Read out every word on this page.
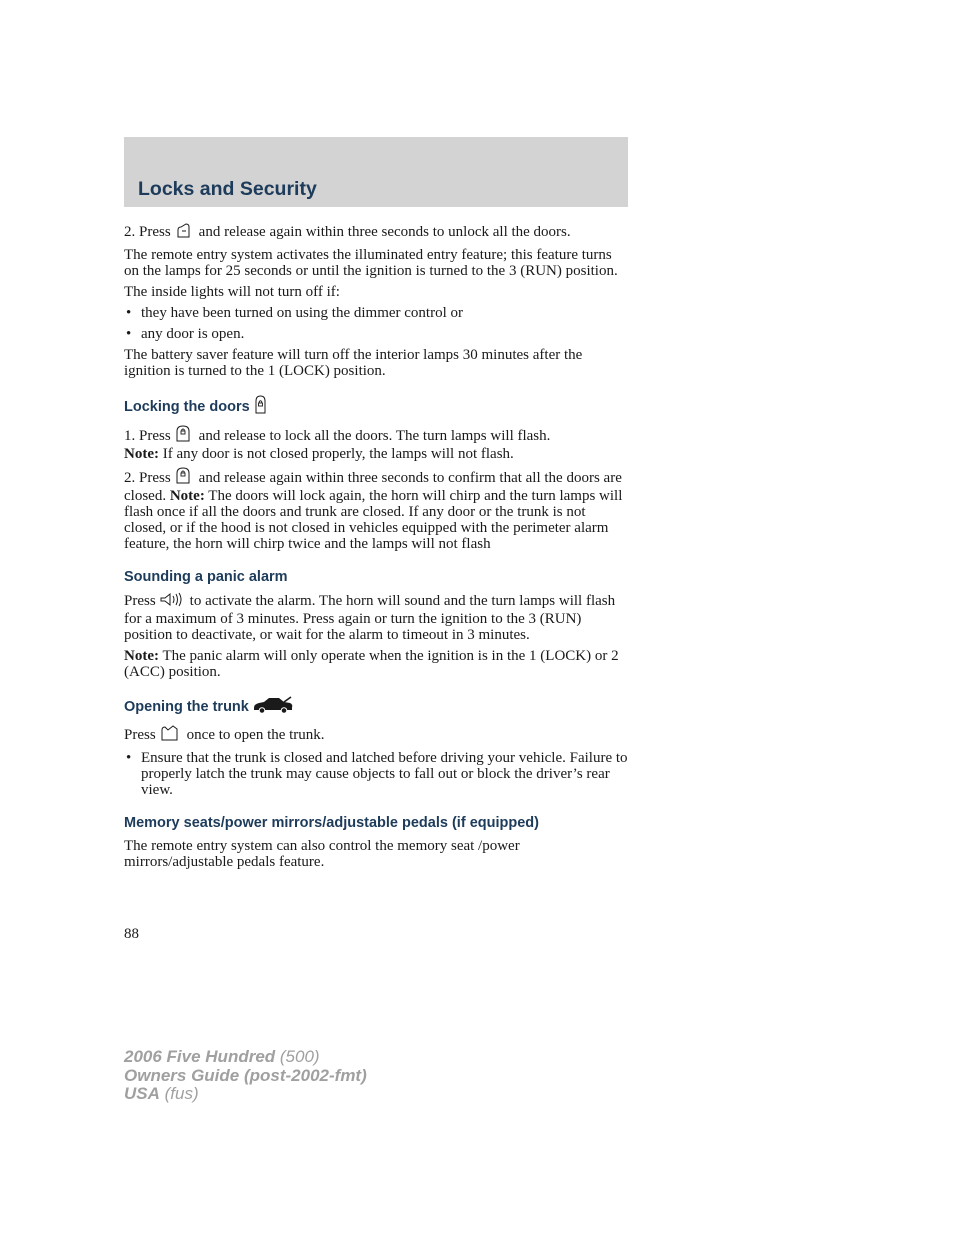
Locks and Security

2. Press and release again within three seconds to unlock all the doors.

The remote entry system activates the illuminated entry feature; this feature turns on the lamps for 25 seconds or until the ignition is turned to the 3 (RUN) position.

The inside lights will not turn off if:

• they have been turned on using the dimmer control or
• any door is open.

The battery saver feature will turn off the interior lamps 30 minutes after the ignition is turned to the 1 (LOCK) position.

Locking the doors

1. Press and release to lock all the doors. The turn lamps will flash.
Note: If any door is not closed properly, the lamps will not flash.

2. Press and release again within three seconds to confirm that all the doors are closed. Note: The doors will lock again, the horn will chirp and the turn lamps will flash once if all the doors and trunk are closed. If any door or the trunk is not closed, or if the hood is not closed in vehicles equipped with the perimeter alarm feature, the horn will chirp twice and the lamps will not flash

Sounding a panic alarm

Press to activate the alarm. The horn will sound and the turn lamps will flash for a maximum of 3 minutes. Press again or turn the ignition to the 3 (RUN) position to deactivate, or wait for the alarm to timeout in 3 minutes.

Note: The panic alarm will only operate when the ignition is in the 1 (LOCK) or 2 (ACC) position.

Opening the trunk

Press once to open the trunk.

• Ensure that the trunk is closed and latched before driving your vehicle. Failure to properly latch the trunk may cause objects to fall out or block the driver’s rear view.
Memory seats/power mirrors/adjustable pedals (if equipped)

The remote entry system can also control the memory seat /power mirrors/adjustable pedals feature.

88
2006 Five Hundred (500)
Owners Guide (post-2002-fmt)
USA (fus)
